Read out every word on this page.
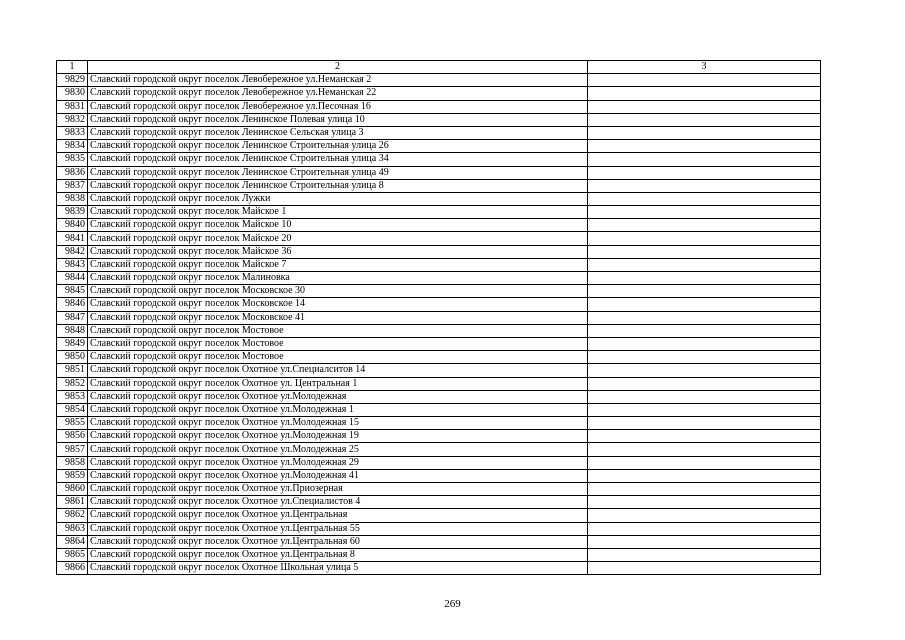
1	2	3
9829	Славский городской округ поселок Левобережное ул.Неманская 2	
9830	Славский городской округ поселок Левобережное ул.Неманская 22	
9831	Славский городской округ поселок Левобережное ул.Песочная 16	
9832	Славский городской округ поселок Ленинское Полевая улица 10	
9833	Славский городской округ поселок Ленинское Сельская улица 3	
9834	Славский городской округ поселок Ленинское Строительная улица 26	
9835	Славский городской округ поселок Ленинское Строительная улица 34	
9836	Славский городской округ поселок Ленинское Строительная улица 49	
9837	Славский городской округ поселок Ленинское Строительная улица 8	
9838	Славский городской округ поселок Лужки	
9839	Славский городской округ поселок Майское 1	
9840	Славский городской округ поселок Майское 10	
9841	Славский городской округ поселок Майское 20	
9842	Славский городской округ поселок Майское 36	
9843	Славский городской округ поселок Майское 7	
9844	Славский городской округ поселок Малиновка	
9845	Славский городской округ поселок Московское 30	
9846	Славский городской округ поселок Московское 14	
9847	Славский городской округ поселок Московское 41	
9848	Славский городской округ поселок Мостовое	
9849	Славский городской округ поселок Мостовое	
9850	Славский городской округ поселок Мостовое	
9851	Славский городской округ поселок Охотное ул.Специалситов 14	
9852	Славский городской округ поселок Охотное ул. Центральная 1	
9853	Славский городской округ поселок Охотное ул.Молодежная	
9854	Славский городской округ поселок Охотное ул.Молодежная 1	
9855	Славский городской округ поселок Охотное ул.Молодежная 15	
9856	Славский городской округ поселок Охотное ул.Молодежная 19	
9857	Славский городской округ поселок Охотное ул.Молодежная 25	
9858	Славский городской округ поселок Охотное ул.Молодежная 29	
9859	Славский городской округ поселок Охотное ул.Молодежная 41	
9860	Славский городской округ поселок Охотное ул.Приозерная	
9861	Славский городской округ поселок Охотное ул.Специалистов 4	
9862	Славский городской округ поселок Охотное ул.Центральная	
9863	Славский городской округ поселок Охотное ул.Центральная 55	
9864	Славский городской округ поселок Охотное ул.Центральная 60	
9865	Славский городской округ поселок Охотное ул.Центральная 8	
9866	Славский городской округ поселок Охотное Школьная улица 5	
269
